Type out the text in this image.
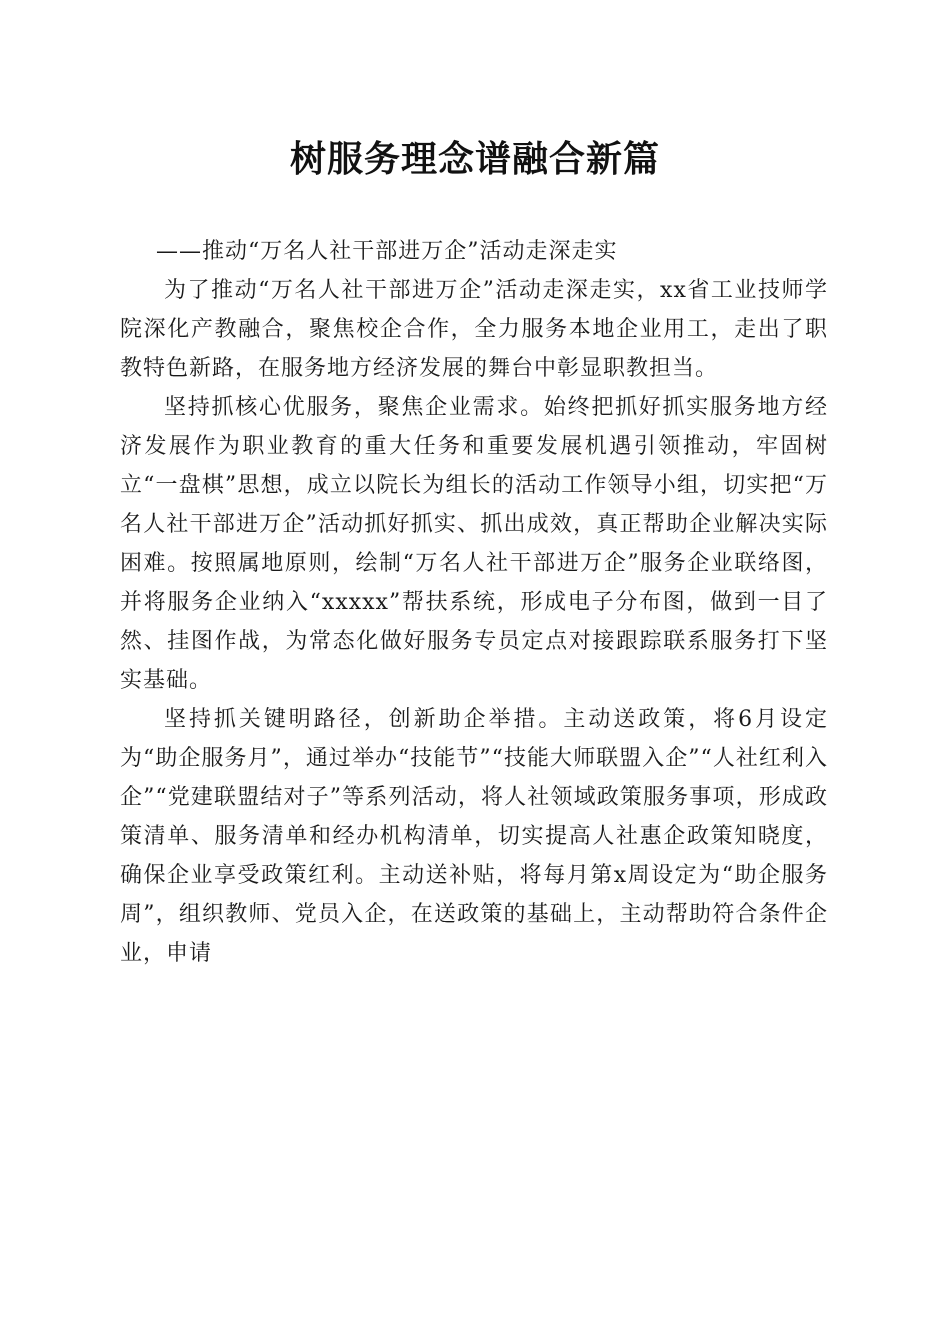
树服务理念谱融合新篇

——推动“万名人社干部进万企”活动走深走实

为了推动“万名人社干部进万企”活动走深走实，xx省工业技师学院深化产教融合，聚焦校企合作，全力服务本地企业用工，走出了职教特色新路，在服务地方经济发展的舞台中彰显职教担当。

坚持抓核心优服务，聚焦企业需求。始终把抓好抓实服务地方经济发展作为职业教育的重大任务和重要发展机遇引领推动，牢固树立“一盘棋”思想，成立以院长为组长的活动工作领导小组，切实把“万名人社干部进万企”活动抓好抓实、抓出成效，真正帮助企业解决实际困难。按照属地原则，绘制“万名人社干部进万企”服务企业联络图，并将服务企业纳入“xxxxx”帮扶系统，形成电子分布图，做到一目了然、挂图作战，为常态化做好服务专员定点对接跟踪联系服务打下坚实基础。

坚持抓关键明路径，创新助企举措。主动送政策，将6月设定为“助企服务月”，通过举办“技能节”“技能大师联盟入企”“人社红利入企”“党建联盟结对子”等系列活动，将人社领域政策服务事项，形成政策清单、服务清单和经办机构清单，切实提高人社惠企政策知晓度，确保企业享受政策红利。主动送补贴，将每月第x周设定为“助企服务周”，组织教师、党员入企，在送政策的基础上，主动帮助符合条件企业，申请
